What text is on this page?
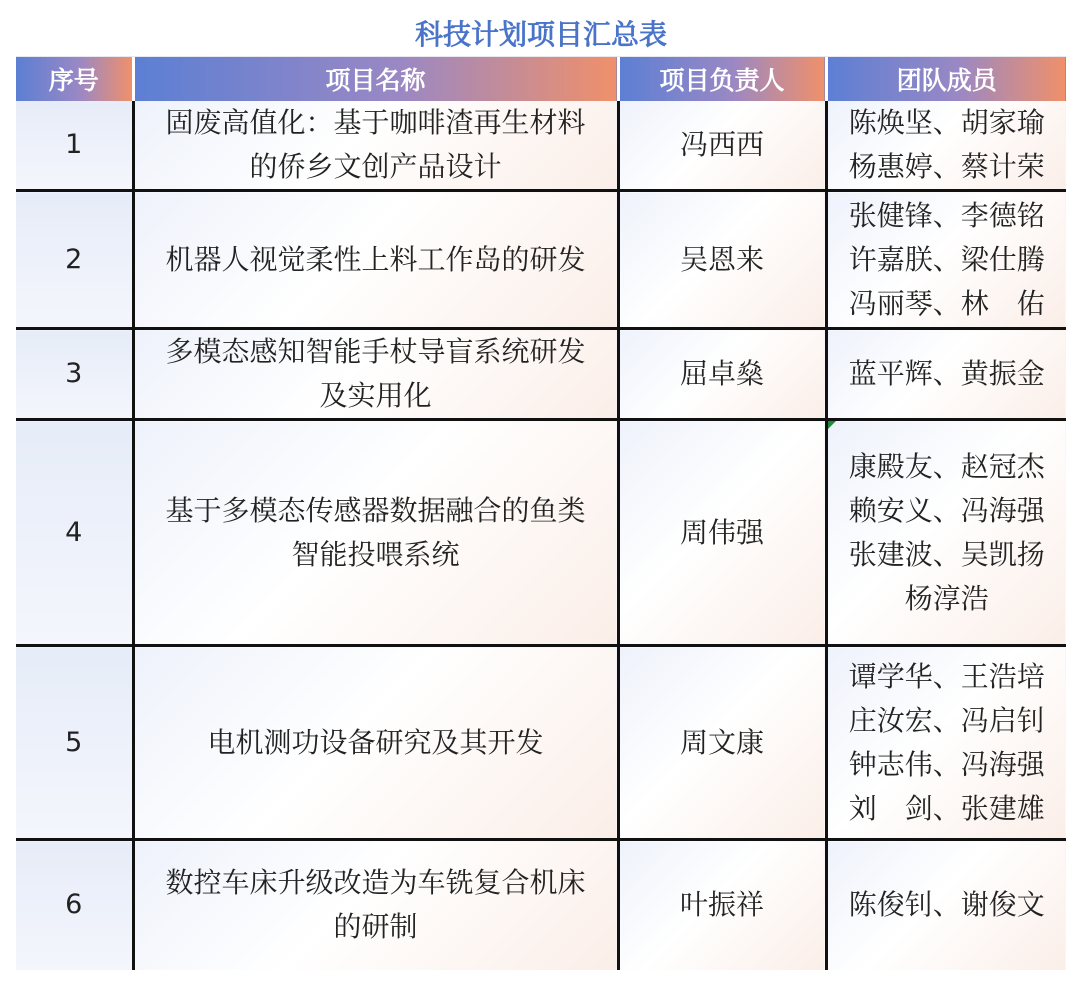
科技计划项目汇总表
序号	项目名称	项目负责人	团队成员
1	固废高值化：基于咖啡渣再生材料
的侨乡文创产品设计	冯西西	陈焕坚、胡家瑜
杨惠婷、蔡计荣

2	机器人视觉柔性上料工作岛的研发	吴恩来	张健锋、李德铭
许嘉朕、梁仕腾
冯丽琴、林　佑

3	多模态感知智能手杖导盲系统研发
及实用化	屈卓燊	蓝平辉、黄振金

4	基于多模态传感器数据融合的鱼类
智能投喂系统	周伟强	康殿友、赵冠杰
赖安义、冯海强
张建波、吴凯扬
杨淳浩

5	电机测功设备研究及其开发	周文康	谭学华、王浩培
庄汝宏、冯启钊
钟志伟、冯海强
刘　剑、张建雄

6	数控车床升级改造为车铣复合机床
的研制	叶振祥	陈俊钊、谢俊文
